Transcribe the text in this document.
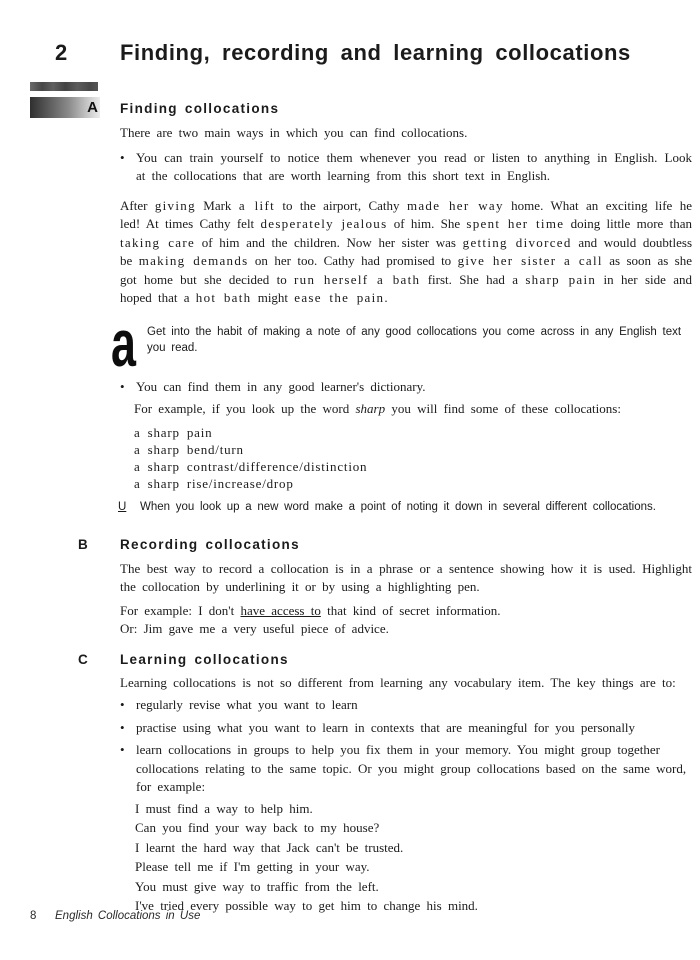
2	Finding, recording and learning collocations
A Finding collocations
There are two main ways in which you can find collocations.
• You can train yourself to notice them whenever you read or listen to anything in English. Look at the collocations that are worth learning from this short text in English.
After giving Mark a lift to the airport, Cathy made her way home. What an exciting life he led! At times Cathy felt desperately jealous of him. She spent her time doing little more than taking care of him and the children. Now her sister was getting divorced and would doubtless be making demands on her too. Cathy had promised to give her sister a call as soon as she got home but she decided to run herself a bath first. She had a sharp pain in her side and hoped that a hot bath might ease the pain.
a Get into the habit of making a note of any good collocations you come across in any English text you read.
• You can find them in any good learner's dictionary.
For example, if you look up the word sharp you will find some of these collocations:
a sharp pain
a sharp bend/turn
a sharp contrast/difference/distinction
a sharp rise/increase/drop
U	When you look up a new word make a point of noting it down in several different collocations.
B	Recording collocations
The best way to record a collocation is in a phrase or a sentence showing how it is used. Highlight the collocation by underlining it or by using a highlighting pen.
For example: I don't have access to that kind of secret information.
Or: Jim gave me a very useful piece of advice.
C	Learning collocations
Learning collocations is not so different from learning any vocabulary item. The key things are to:
• regularly revise what you want to learn
• practise using what you want to learn in contexts that are meaningful for you personally
• learn collocations in groups to help you fix them in your memory. You might group together collocations relating to the same topic. Or you might group collocations based on the same word, for example:
I must find a way to help him.
Can you find your way back to my house?
I learnt the hard way that Jack can't be trusted.
Please tell me if I'm getting in your way.
You must give way to traffic from the left.
I've tried every possible way to get him to change his mind.
8	English Collocations in Use
